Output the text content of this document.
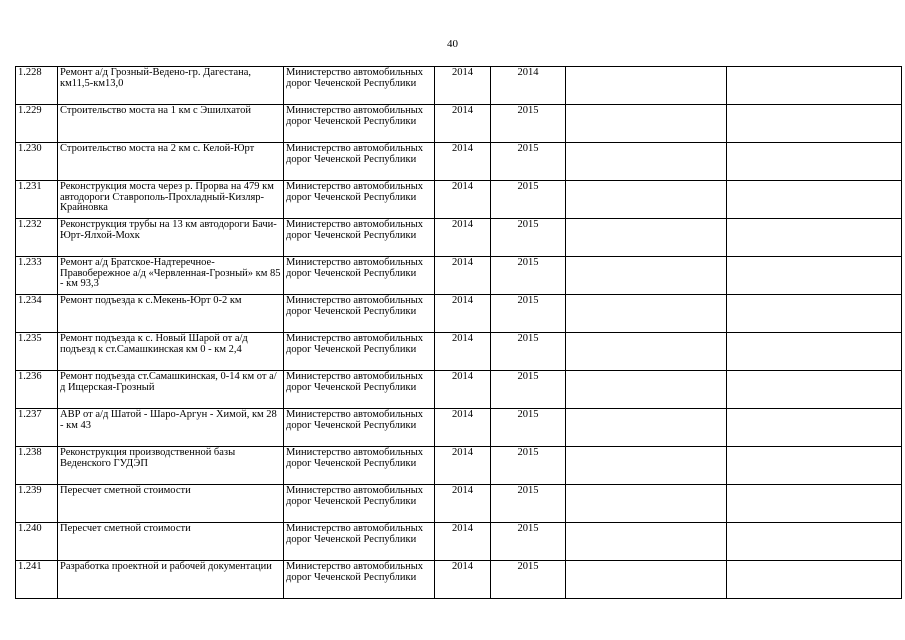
40
1.228	Ремонт а/д Грозный-Ведено-гр. Дагестана, км11,5-км13,0	Министерство автомобильных дорог Чеченской Республики	2014	2014		
1.229	Строительство моста на 1 км с Эшилхатой	Министерство автомобильных дорог Чеченской Республики	2014	2015		
1.230	Строительство моста на 2 км с. Келой-Юрт	Министерство автомобильных дорог Чеченской Республики	2014	2015		
1.231	Реконструкция моста через р. Прорва на 479 км автодороги Ставрополь-Прохладный-Кизляр-Крайновка	Министерство автомобильных дорог Чеченской Республики	2014	2015		
1.232	Реконструкция трубы на 13 км автодороги Бачи-Юрт-Ялхой-Мохк	Министерство автомобильных дорог Чеченской Республики	2014	2015		
1.233	Ремонт а/д Братское-Надтеречное-Правобережное а/д «Червленная-Грозный» км 85 - км 93,3	Министерство автомобильных дорог Чеченской Республики	2014	2015		
1.234	Ремонт подъезда к с.Мекень-Юрт 0-2 км	Министерство автомобильных дорог Чеченской Республики	2014	2015		
1.235	Ремонт подъезда к с. Новый Шарой от а/д подъезд к ст.Самашкинская км 0 - км 2,4	Министерство автомобильных дорог Чеченской Республики	2014	2015		
1.236	Ремонт подъезда ст.Самашкинская, 0-14 км от а/д Ищерская-Грозный	Министерство автомобильных дорог Чеченской Республики	2014	2015		
1.237	АВР от а/д Шатой - Шаро-Аргун - Химой, км 28 - км 43	Министерство автомобильных дорог Чеченской Республики	2014	2015		
1.238	Реконструкция производственной базы Веденского ГУДЭП	Министерство автомобильных дорог Чеченской Республики	2014	2015		
1.239	Пересчет сметной стоимости	Министерство автомобильных дорог Чеченской Республики	2014	2015		
1.240	Пересчет сметной стоимости	Министерство автомобильных дорог Чеченской Республики	2014	2015		
1.241	Разработка проектной и рабочей документации	Министерство автомобильных дорог Чеченской Республики	2014	2015		
